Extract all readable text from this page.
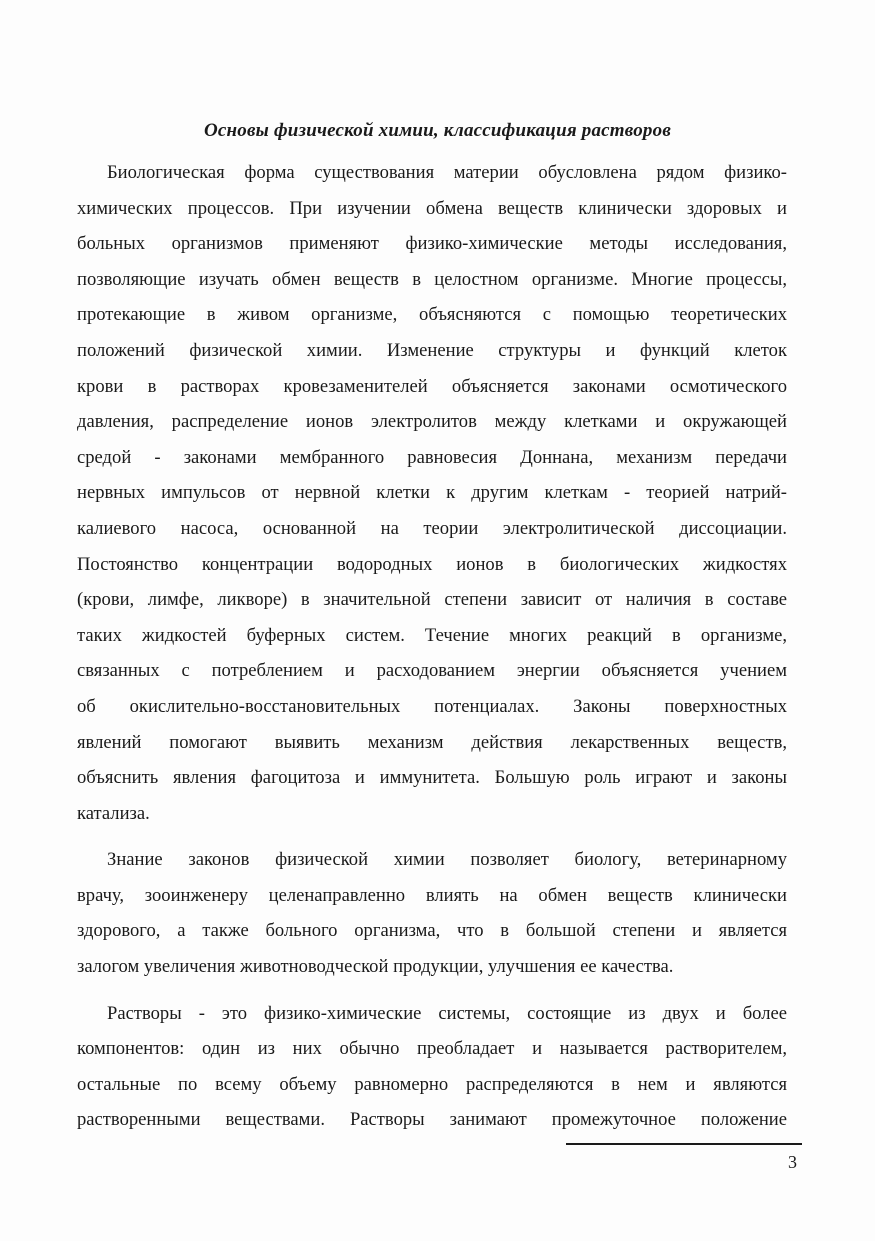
Основы физической химии, классификация растворов
Биологическая форма существования материи обусловлена рядом физико-
химических процессов. При изучении обмена веществ клинически здоровых и
больных организмов применяют физико-химические методы исследования,
позволяющие изучать обмен веществ в целостном организме. Многие процессы,
протекающие в живом организме, объясняются с помощью теоретических
положений физической химии. Изменение структуры и функций клеток
крови в растворах кровезаменителей объясняется законами осмотического
давления, распределение ионов электролитов между клетками и окружающей
средой - законами мембранного равновесия Доннана, механизм передачи
нервных импульсов от нервной клетки к другим клеткам - теорией натрий-
калиевого насоса, основанной на теории электролитической диссоциации.
Постоянство концентрации водородных ионов в биологических жидкостях
(крови, лимфе, ликворе) в значительной степени зависит от наличия в составе
таких жидкостей буферных систем. Течение многих реакций в организме,
связанных с потреблением и расходованием энергии объясняется учением
об окислительно-восстановительных потенциалах. Законы поверхностных
явлений помогают выявить механизм действия лекарственных веществ,
объяснить явления фагоцитоза и иммунитета. Большую роль играют и законы
катализа.
Знание законов физической химии позволяет биологу, ветеринарному
врачу, зооинженеру целенаправленно влиять на обмен веществ клинически
здорового, а также больного организма, что в большой степени и является
залогом увеличения животноводческой продукции, улучшения ее качества.
Растворы - это физико-химические системы, состоящие из двух и более
компонентов: один из них обычно преобладает и называется растворителем,
остальные по всему объему равномерно распределяются в нем и являются
растворенными веществами. Растворы занимают промежуточное положение
3
